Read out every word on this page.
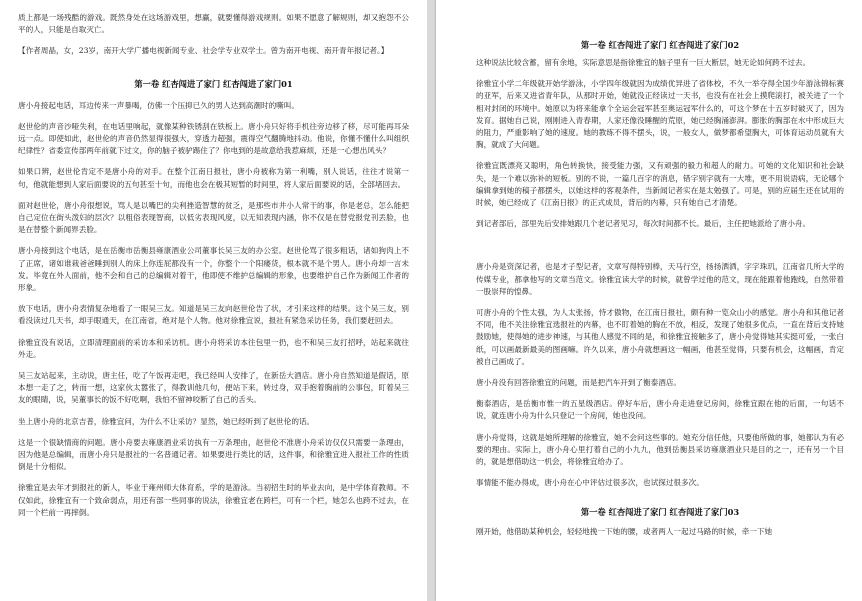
质上都是一场残酷的游戏。既然身处在这场游戏里，想赢，就要懂得游戏规则。如果不愿意了解规则，却又抱怨不公平的人，只能是自取灭亡。

【作者周晶，女，23岁，南开大学广播电视新闻专业、社会学专业双学士。曾为南开电视、南开青年报记者。】

第一卷 红杏闯进了家门 红杏闯进了家门01

唐小舟接起电话，耳边传来一声暴喝，仿佛一个压抑已久的男人达到高潮时的嘶叫。

赵世伦的声音沙哑失利，在电话里响起，就像某种铁锈刮在铁板上。唐小舟只好将手机往旁边移了移，尽可能再耳朵远一点。即使如此，赵世伦的声音仍然显得很强大，穿透力超强，震得空气翻腾地抖动。他说，你懂不懂什么叫组织纪律性？省委宣传部两年前就下过文，你的脑子被驴踢住了？你电到的是故意给我惹麻烦，还是一心想出风头？

如果口辨，赵世伦肯定不是唐小舟的对手。在整个江南日报社，唐小舟被称为第一利嘴，别人说话，往往才说第一句，他就能想到人家后面要说的五句甚至十句，而他也会在极其短暂的时间里，将人家后面要说的话，全部堵回去。

面对赵世伦，唐小舟很想说，骂人是以嘴巴的尖利挫造智慧的贫乏，是那些市井小人常干的事，你是老总，怎么能把自己定位在街头泼妇的层次？以粗俗表现智商，以低劣表现风度，以无知表现内涵，你不仅是在替党报党刊丢脸，也是在替整个新闻界丢脸。

唐小舟接到这个电话，是在岳衡市岳衡县雍康酒业公司董事长吴三友的办公室。赵世伦骂了很多粗话，诸如狗肉上不了正席，诸如谁栽爸爸睡到别人的床上你连屁都没有一个，你整个一个阳痿货，根本就不是个男人。唐小舟却一言未发。毕竟在外人面前，他不会和自己的总编辑对着干，他即使不维护总编辑的形象，也要维护自己作为新闻工作者的形象。

放下电话，唐小舟表情复杂地看了一眼吴三友。知道是吴三友向赵世伦告了状，才引来这样的结果。这个吴三友，别看没读过几天书，却手眼通天，在江南省，绝对是个人物。他对徐雅宜说，报社有紧急采访任务，我们要赶回去。

徐雅宜没有说话，立即清理面前的采访本和采访机。唐小舟将采访本往包里一扔，也不和吴三友打招呼，站起来就往外走。

吴三友站起来，主动说，唐主任，吃了午饭再走吧，我已经叫人安排了，在新岳大酒店。唐小舟自然知道是假话，原本想一走了之，转而一想，这家伙太嚣张了，得教训他几句，便站下来，转过身，双手抱着胸前的公事包，盯着吴三友的眼睛，说，吴董事长的饭不好吃啊，我怕不留神咬断了自己的舌头。

坐上唐小舟的北京吉普，徐雅宜问，为什么不让采访？显然，她已经听到了赵世伦的话。

这是一个很缺情商的问题。唐小舟要去雍康酒业采访执有一万条理由，赵世伦不准唐小舟采访仅仅只需要一条理由，因为他是总编辑，而唐小舟只是报社的一名普通记者。如果要进行类比的话，这件事，和徐雅宜进入报社工作的性质倒是十分相似。

徐雅宜是去年才到报社的新人，毕业于雍州师大体育系，学的是游泳。当初招生时的毕业去向，是中学体育教师。不仅如此，徐雅宜有一个致命弱点，用还有部一些同事的说法，徐雅宜老在跨栏，可有一个栏，她怎么也跨不过去，在同一个栏前一再摔倒。

第一卷 红杏闯进了家门 红杏闯进了家门02

这种说法比较含蓄，留有余地，实际意思是指徐雅宜的脑子里有一巨大断层，她无论如何跨不过去。

徐雅宜小学二年级就开始学游泳，小学四年级就因为成绩优异进了省体校，不久一举夺得全国少年游泳锦标赛的亚军，后来又进省青年队，从那时开始，她就没正经读过一天书，也没有在社会上摸爬滚打，被关进了一个相对封闭的环境中。她原以为将来能拿个全运会冠军甚至奥运冠军什么的，可这个梦在十五岁时破灭了，因为发育。据她自己说，刚刚进入青春期，人家还像没睡醒的荒原，她已经胸涌澎湃。膨胀的胸部在水中形成巨大的阻力，严重影响了她的速度。她的教练不得不摆头，说，一般女人，做梦都希望胸大，可体育运动员就有大胸，就成了大问题。

徐雅宜既漂亮又聪明，角色转换快，接受能力强，又有顽强的毅力和超人的耐力。可她的文化知识和社会缺失，是一个难以弥补的短板。别的不说，一篇几百字的消息，错字别字就有一大堆，更不用说语病，无论哪个编辑拿到她的稿子都摆头，以她这样的客观条件，当新闻记者实在是太勉强了。可是，别的应届生还在试用的时候，她已经成了《江南日报》的正式成员，背后的内幕，只有她自己才清楚。

到记者部后，部里先后安排她跟几个老记者见习，每次时间都不长。最后，主任把她派给了唐小舟。

唐小舟是资深记者，也是才子型记者，文章写得特别棒，天马行空，扬扬洒洒，字字珠玑，江南省几所大学的传媒专业，都拿他写的文章当范文。徐雅宜读大学的时候，就曾学过他的范文，现在能跟着他跑线，自然带着一股崇拜的惶鼻。

可唐小舟的个性太强，为人太张扬，恃才傲物，在江南日报社，颇有种一览众山小的感觉。唐小舟和其他记者不同，他不关注徐雅宜选报社的内幕，也不盯着她的胸在不放，相反，发现了她很多优点，一直在背后支持她鼓励她，使得她的进步神速，与其他人感觉不同的是，和徐雅宜接触多了，唐小舟觉得她其实挺可爱，一张白纸，可以画最新最美的图画嘛。许久以来，唐小舟就想画这一幅画，他甚至觉得，只要有机会，这幅画，肯定被自己画成了。

唐小舟没有回答徐雅宜的问题，而是把汽车开到了衡泰酒店。

衡泰酒店，是岳衡市惟一的五星级酒店。停好车后，唐小舟走进登记房间，徐雅宜跟在他的后面，一句话不说，就连唐小舟为什么只登记一个房间，她也没问。

唐小舟觉得，这就是她所理解的徐雅宜，她不会问这些事的。她充分信任他，只要他所做的事，她都认为有必要的理由。实际上，唐小舟心里打着自己的小九九，他到岳衡县采访雍康酒业只是目的之一，还有另一个目的，就是想借助这一机会，将徐雅宜给办了。

事情能不能办得成，唐小舟在心中评估过很多次，也试探过很多次。

第一卷 红杏闯进了家门 红杏闯进了家门03

刚开始，他借助某种机会，轻轻地挽一下她的腰，或者两人一起过马路的时候，牵一下她
